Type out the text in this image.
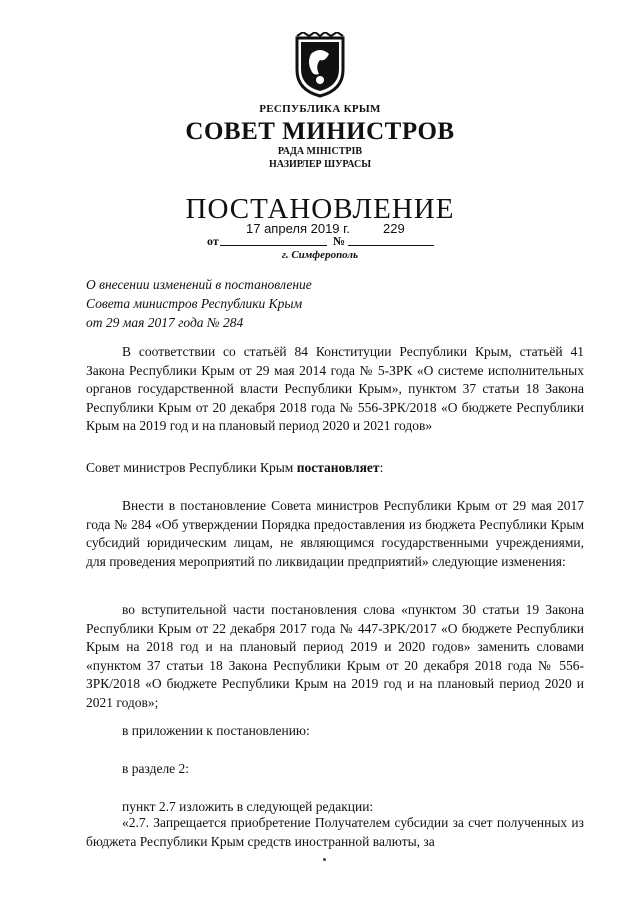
РЕСПУБЛИКА КРЫМ
СОВЕТ МИНИСТРОВ
РАДА МІНІСТРІВ
НАЗИРЛЕР ШУРАСЫ
ПОСТАНОВЛЕНИЕ
17 апреля 2019 г.	229
от	№
г. Симферополь
О внесении изменений в постановление
Совета министров Республики Крым
от 29 мая 2017 года № 284

В соответствии со статьёй 84 Конституции Республики Крым, статьёй 41 Закона Республики Крым от 29 мая 2014 года № 5-ЗРК «О системе исполнительных органов государственной власти Республики Крым», пунктом 37 статьи 18 Закона Республики Крым от 20 декабря 2018 года № 556-ЗРК/2018 «О бюджете Республики Крым на 2019 год и на плановый период 2020 и 2021 годов»

Совет министров Республики Крым постановляет:

Внести в постановление Совета министров Республики Крым от 29 мая 2017 года № 284 «Об утверждении Порядка предоставления из бюджета Республики Крым субсидий юридическим лицам, не являющимся государственными учреждениями, для проведения мероприятий по ликвидации предприятий» следующие изменения:

во вступительной части постановления слова «пунктом 30 статьи 19 Закона Республики Крым от 22 декабря 2017 года № 447-ЗРК/2017 «О бюджете Республики Крым на 2018 год и на плановый период 2019 и 2020 годов» заменить словами «пунктом 37 статьи 18 Закона Республики Крым от 20 декабря 2018 года № 556-ЗРК/2018 «О бюджете Республики Крым на 2019 год и на плановый период 2020 и 2021 годов»;

в приложении к постановлению:
в разделе 2:
пункт 2.7 изложить в следующей редакции:

«2.7. Запрещается приобретение Получателем субсидии за счет полученных из бюджета Республики Крым средств иностранной валюты, за
